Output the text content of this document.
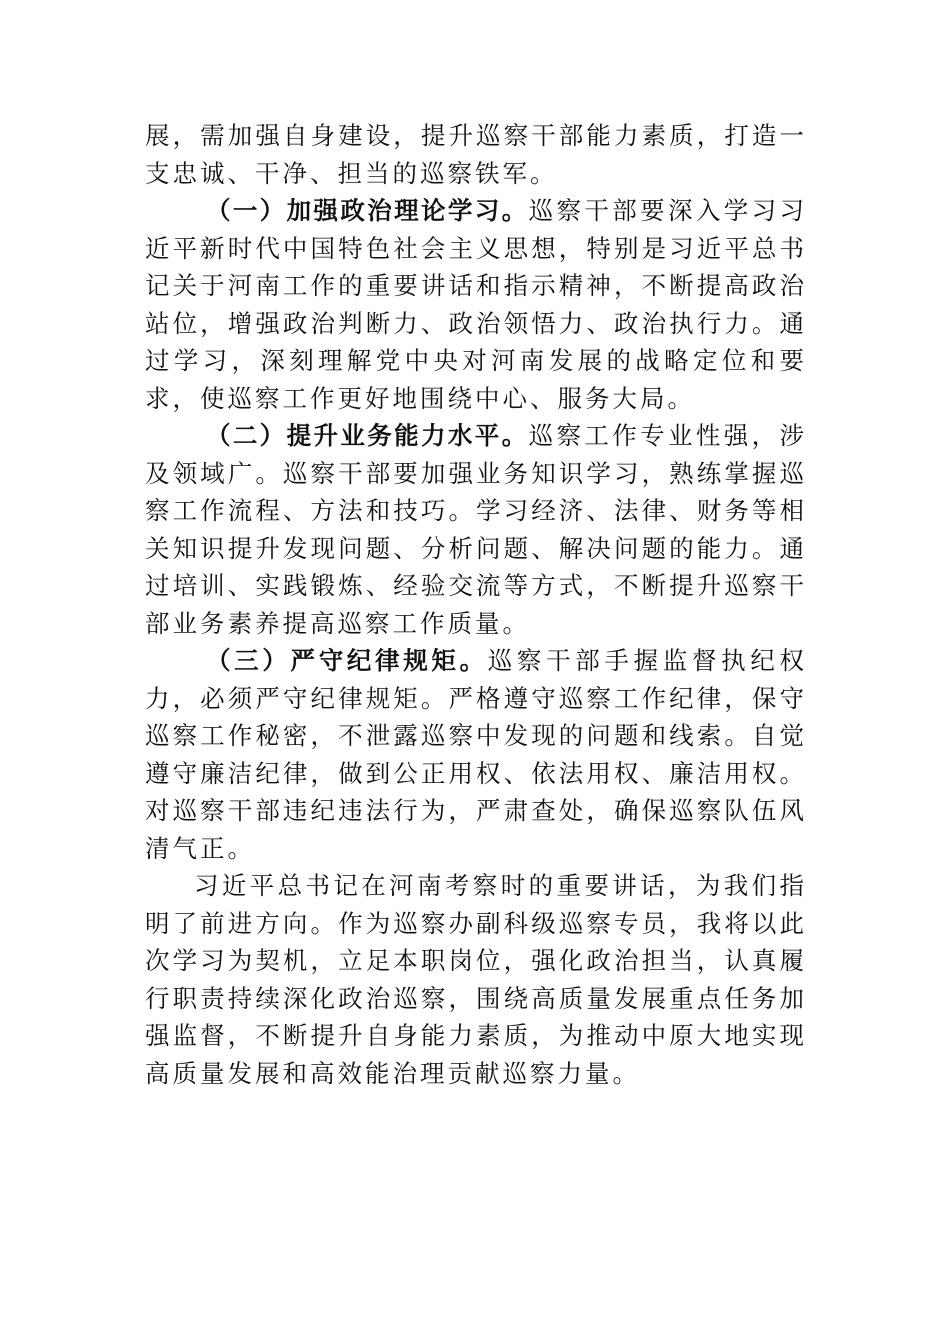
展，需加强自身建设，提升巡察干部能力素质，打造一支忠诚、干净、担当的巡察铁军。

（一）加强政治理论学习。巡察干部要深入学习习近平新时代中国特色社会主义思想，特别是习近平总书记关于河南工作的重要讲话和指示精神，不断提高政治站位，增强政治判断力、政治领悟力、政治执行力。通过学习，深刻理解党中央对河南发展的战略定位和要求，使巡察工作更好地围绕中心、服务大局。

（二）提升业务能力水平。巡察工作专业性强，涉及领域广。巡察干部要加强业务知识学习，熟练掌握巡察工作流程、方法和技巧。学习经济、法律、财务等相关知识提升发现问题、分析问题、解决问题的能力。通过培训、实践锻炼、经验交流等方式，不断提升巡察干部业务素养提高巡察工作质量。

（三）严守纪律规矩。巡察干部手握监督执纪权力，必须严守纪律规矩。严格遵守巡察工作纪律，保守巡察工作秘密，不泄露巡察中发现的问题和线索。自觉遵守廉洁纪律，做到公正用权、依法用权、廉洁用权。对巡察干部违纪违法行为，严肃查处，确保巡察队伍风清气正。

习近平总书记在河南考察时的重要讲话，为我们指明了前进方向。作为巡察办副科级巡察专员，我将以此次学习为契机，立足本职岗位，强化政治担当，认真履行职责持续深化政治巡察，围绕高质量发展重点任务加强监督，不断提升自身能力素质，为推动中原大地实现高质量发展和高效能治理贡献巡察力量。
